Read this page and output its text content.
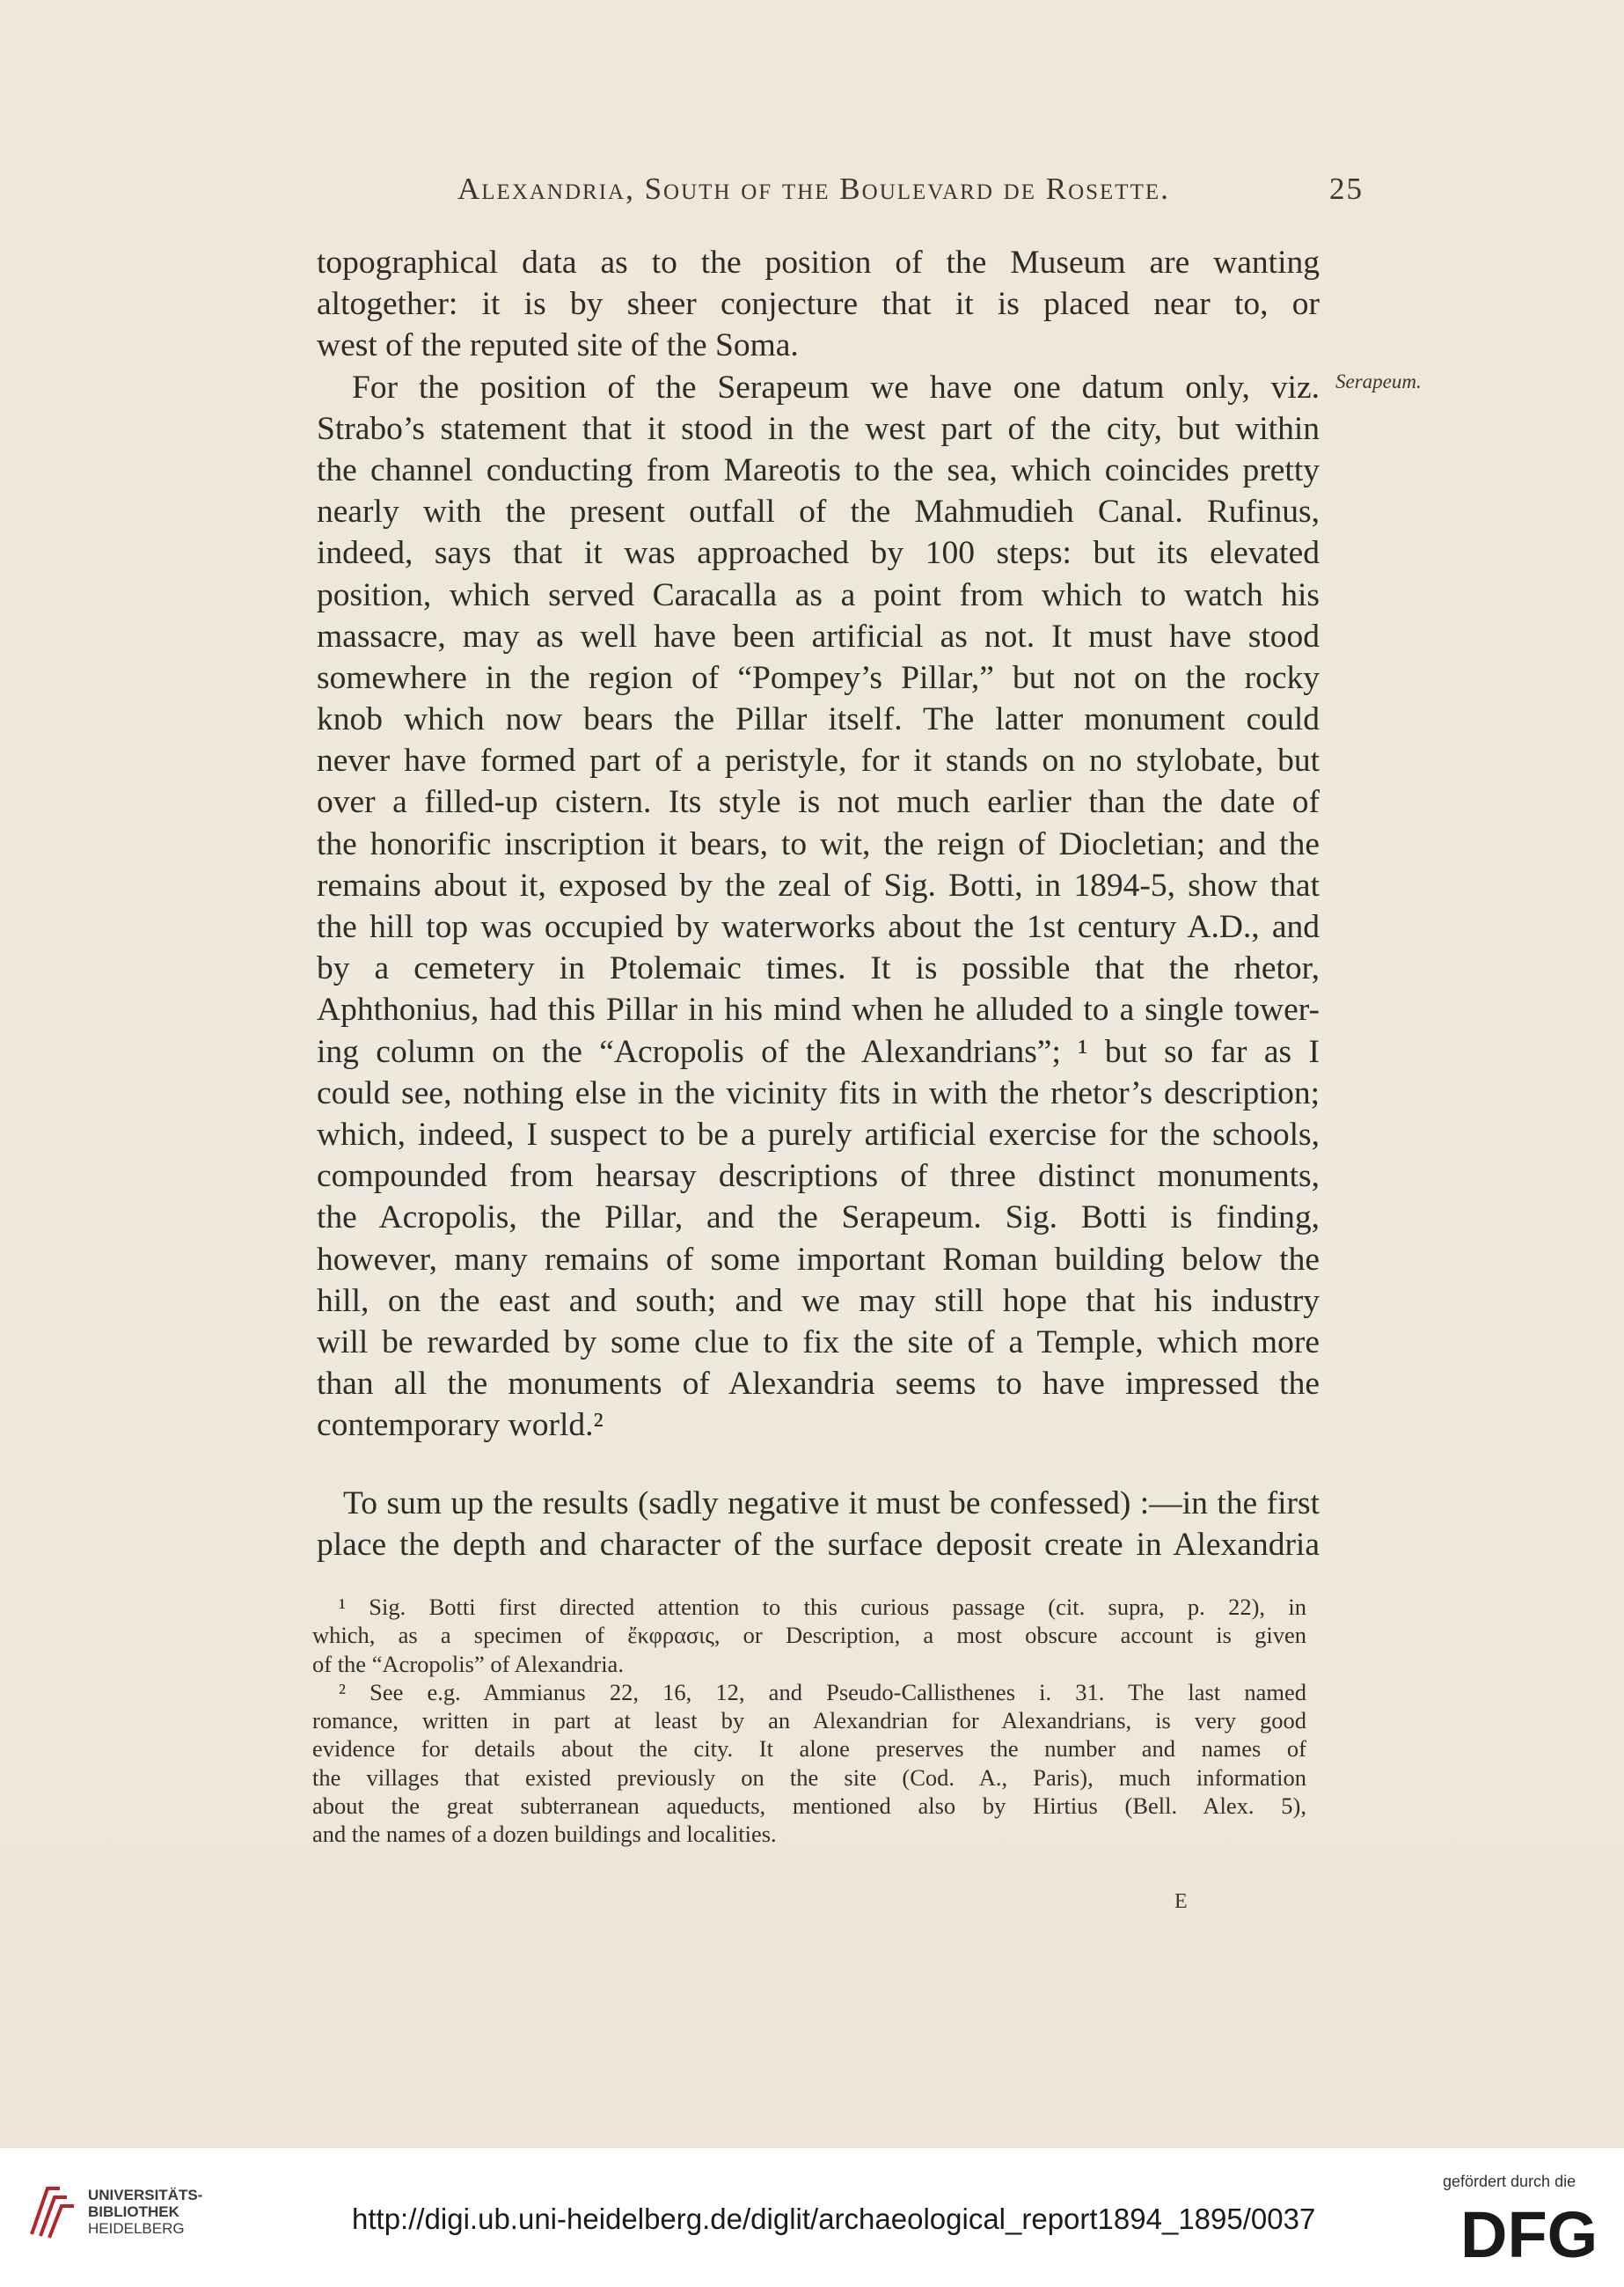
Alexandria, South of the Boulevard de Rosette.	25
Serapeum.
topographical data as to the position of the Museum are wanting
altogether: it is by sheer conjecture that it is placed near to, or
west of the reputed site of the Soma.
For the position of the Serapeum we have one datum only, viz.
Strabo’s statement that it stood in the west part of the city, but within
the channel conducting from Mareotis to the sea, which coincides pretty
nearly with the present outfall of the Mahmudieh Canal. Rufinus,
indeed, says that it was approached by 100 steps: but its elevated
position, which served Caracalla as a point from which to watch his
massacre, may as well have been artificial as not. It must have stood
somewhere in the region of “Pompey’s Pillar,” but not on the rocky
knob which now bears the Pillar itself. The latter monument could
never have formed part of a peristyle, for it stands on no stylobate, but
over a filled-up cistern. Its style is not much earlier than the date of
the honorific inscription it bears, to wit, the reign of Diocletian; and the
remains about it, exposed by the zeal of Sig. Botti, in 1894-5, show that
the hill top was occupied by waterworks about the 1st century A.D., and
by a cemetery in Ptolemaic times. It is possible that the rhetor,
Aphthonius, had this Pillar in his mind when he alluded to a single tower-
ing column on the “Acropolis of the Alexandrians”; ¹ but so far as I
could see, nothing else in the vicinity fits in with the rhetor’s description;
which, indeed, I suspect to be a purely artificial exercise for the schools,
compounded from hearsay descriptions of three distinct monuments,
the Acropolis, the Pillar, and the Serapeum. Sig. Botti is finding,
however, many remains of some important Roman building below the
hill, on the east and south; and we may still hope that his industry
will be rewarded by some clue to fix the site of a Temple, which more
than all the monuments of Alexandria seems to have impressed the
contemporary world.²
To sum up the results (sadly negative it must be confessed) :—in the first
place the depth and character of the surface deposit create in Alexandria
¹ Sig. Botti first directed attention to this curious passage (cit. supra, p. 22), in
which, as a specimen of ἔκφρασις, or Description, a most obscure account is given
of the “Acropolis” of Alexandria.
² See e.g. Ammianus 22, 16, 12, and Pseudo-Callisthenes i. 31. The last named
romance, written in part at least by an Alexandrian for Alexandrians, is very good
evidence for details about the city. It alone preserves the number and names of
the villages that existed previously on the site (Cod. A., Paris), much information
about the great subterranean aqueducts, mentioned also by Hirtius (Bell. Alex. 5),
and the names of a dozen buildings and localities.
E
UNIVERSITÄTS-
BIBLIOTHEK
HEIDELBERG	http://digi.ub.uni-heidelberg.de/diglit/archaeological_report1894_1895/0037
gefördert durch die
DFG
